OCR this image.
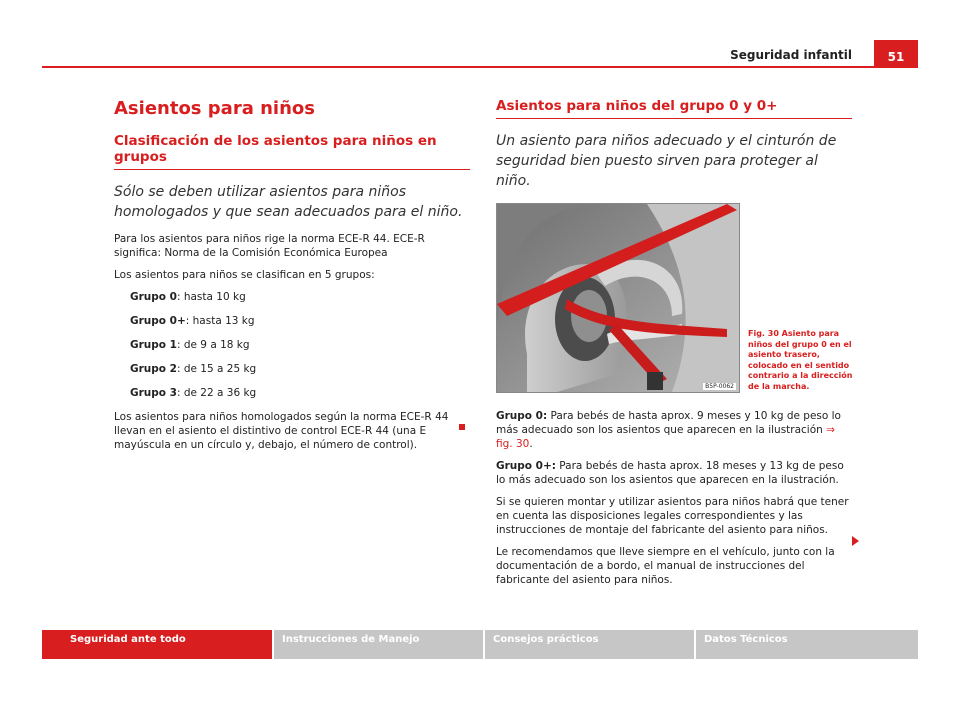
Seguridad infantil	51
Asientos para niños
Clasificación de los asientos para niños en grupos
Sólo se deben utilizar asientos para niños homologados y que sean adecuados para el niño.

Para los asientos para niños rige la norma ECE-R 44. ECE-R significa: Norma de la Comisión Económica Europea

Los asientos para niños se clasifican en 5 grupos:

Grupo 0: hasta 10 kg
Grupo 0+: hasta 13 kg
Grupo 1: de 9 a 18 kg
Grupo 2: de 15 a 25 kg
Grupo 3: de 22 a 36 kg

Los asientos para niños homologados según la norma ECE-R 44 llevan en el asiento el distintivo de control ECE-R 44 (una E mayúscula en un círculo y, debajo, el número de control).

Asientos para niños del grupo 0 y 0+
Un asiento para niños adecuado y el cinturón de seguridad bien puesto sirven para proteger al niño.
B5P-0062
Fig. 30 Asiento para niños del grupo 0 en el asiento trasero, colocado en el sentido contrario a la dirección de la marcha.

Grupo 0: Para bebés de hasta aprox. 9 meses y 10 kg de peso lo más adecuado son los asientos que aparecen en la ilustración ⇒ fig. 30.

Grupo 0+: Para bebés de hasta aprox. 18 meses y 13 kg de peso lo más adecuado son los asientos que aparecen en la ilustración.

Si se quieren montar y utilizar asientos para niños habrá que tener en cuenta las disposiciones legales correspondientes y las instrucciones de montaje del fabricante del asiento para niños.

Le recomendamos que lleve siempre en el vehículo, junto con la documentación de a bordo, el manual de instrucciones del fabricante del asiento para niños.

Seguridad ante todo	Instrucciones de Manejo	Consejos prácticos	Datos Técnicos
